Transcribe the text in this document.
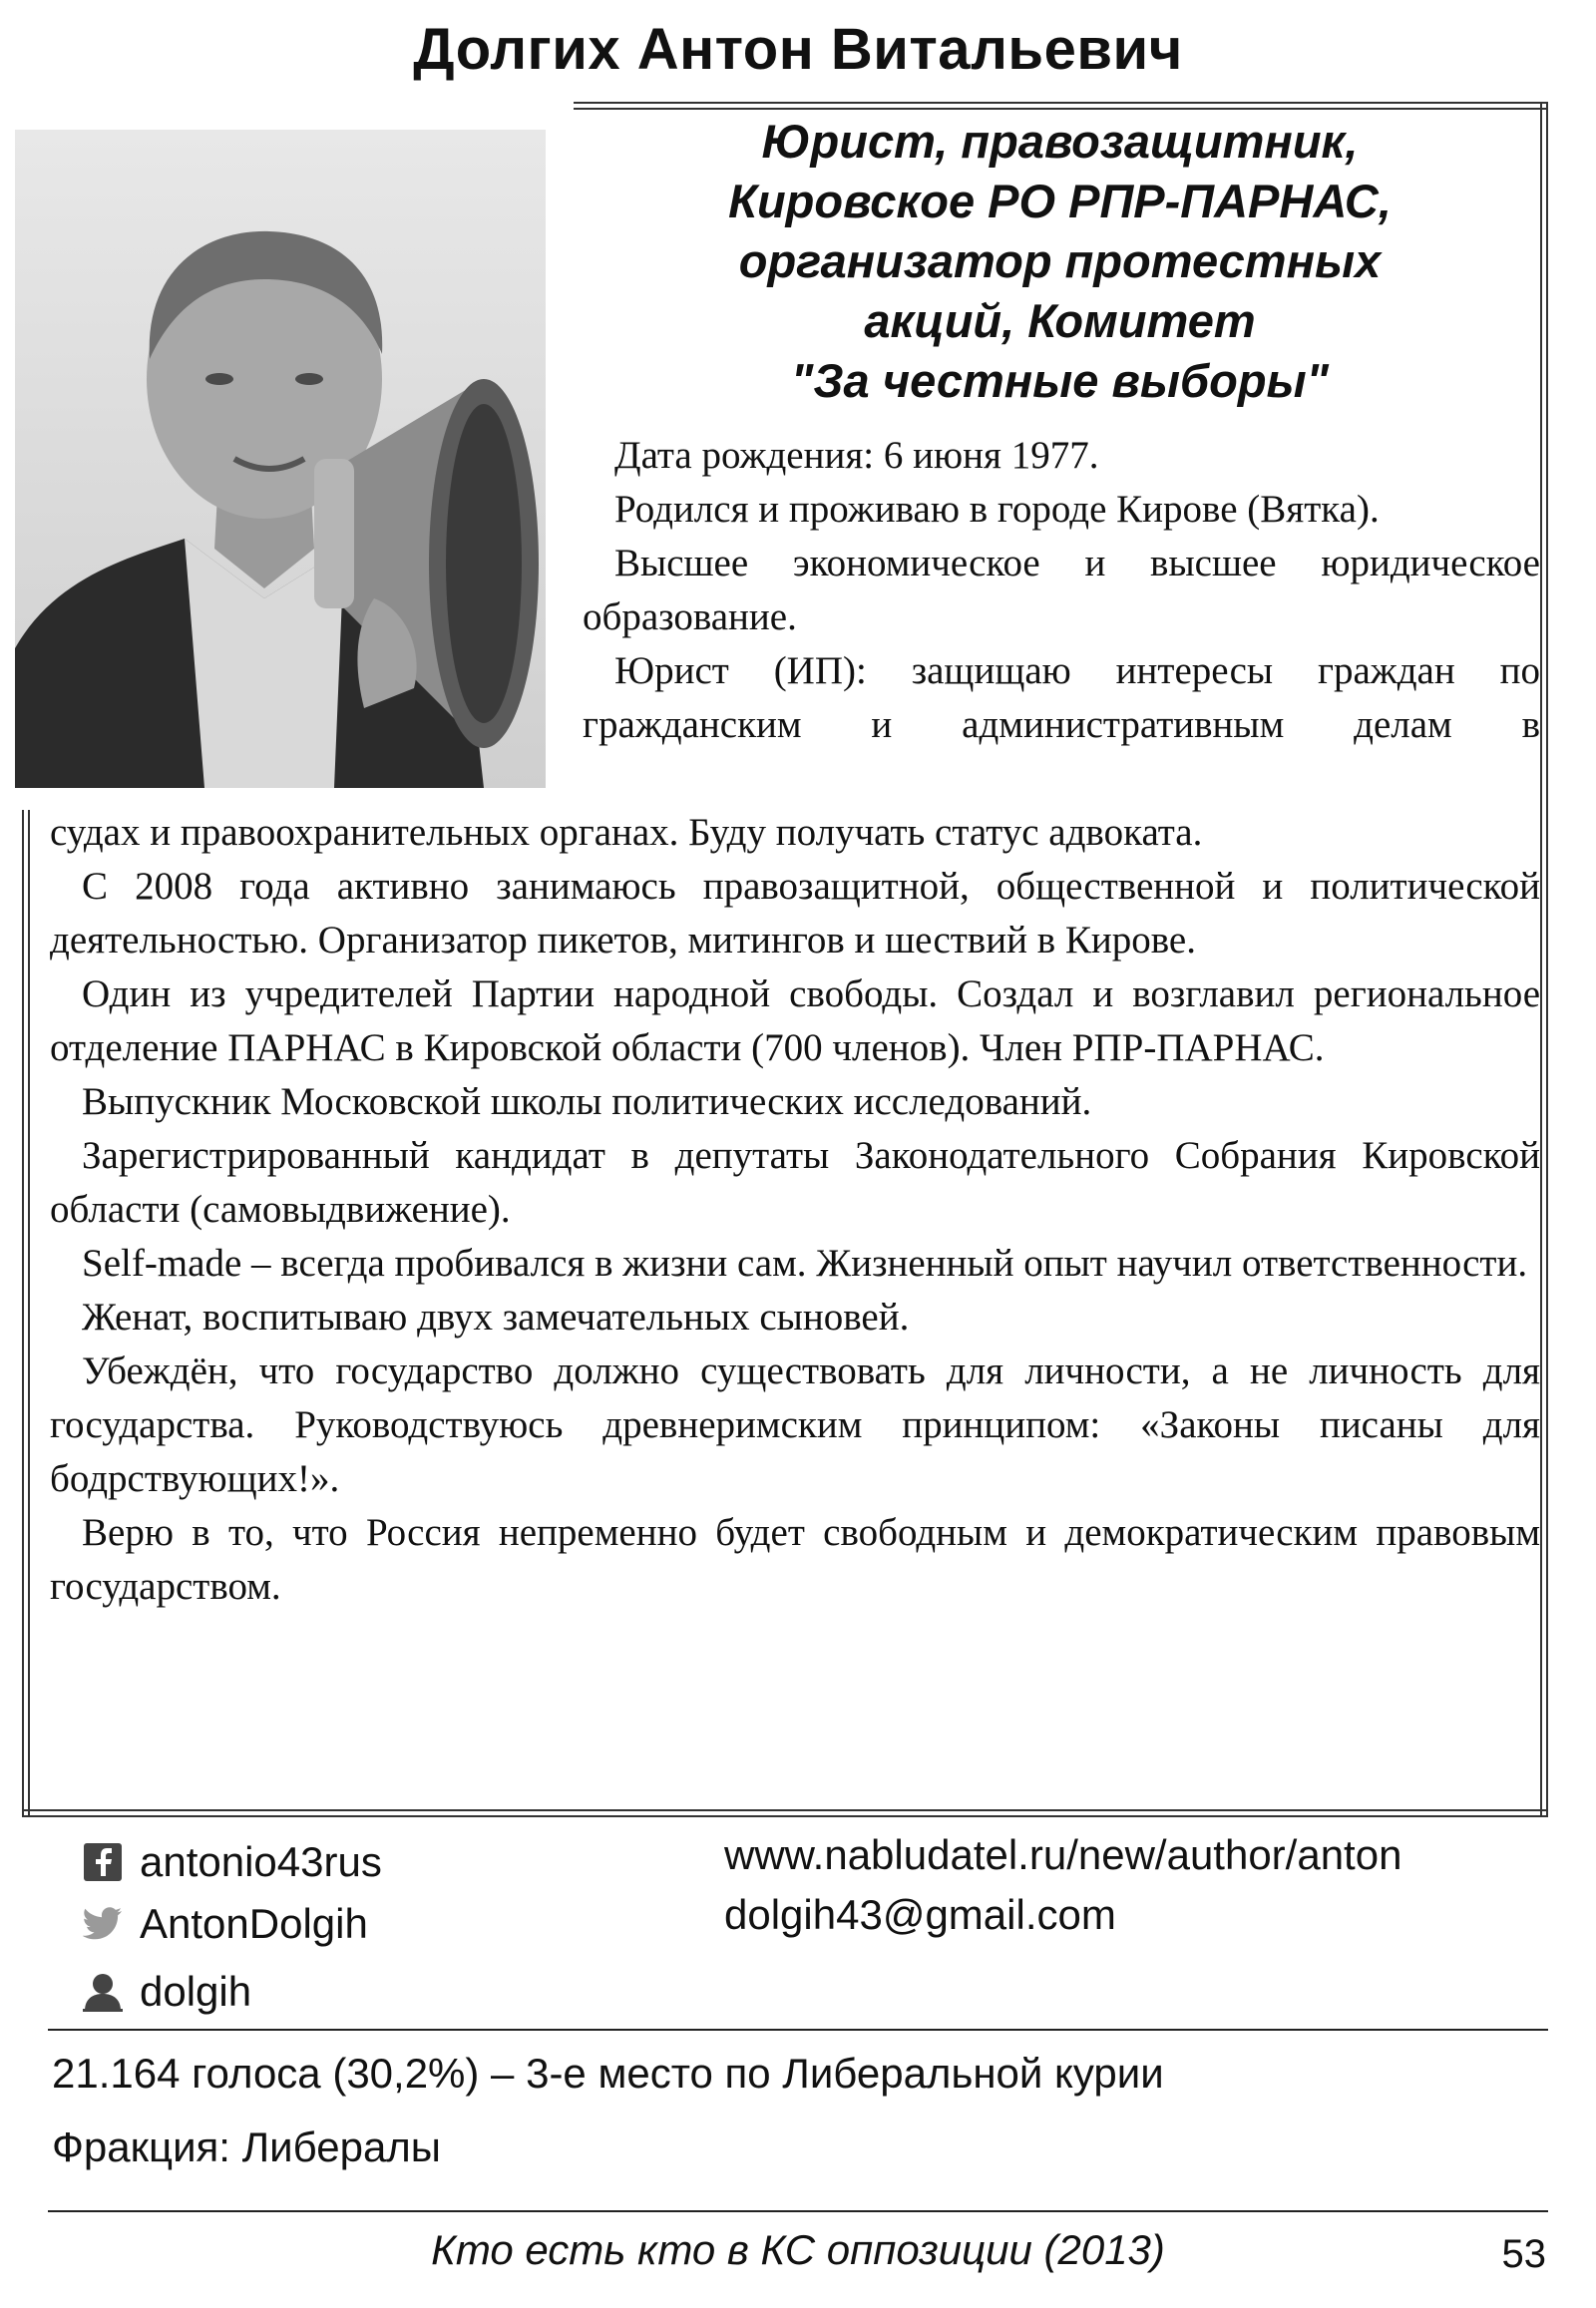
Долгих Антон Витальевич
Юрист, правозащитник,
Кировское РО РПР-ПАРНАС,
организатор протестных
акций, Комитет
"За честные выборы"

Дата рождения: 6 июня 1977.

Родился и проживаю в городе Кирове (Вятка).

Высшее экономическое и высшее юридическое образование.

Юрист (ИП): защищаю интересы граждан по гражданским и административным делам в

судах и правоохранительных органах. Буду получать статус адвоката.

С 2008 года активно занимаюсь правозащитной, общественной и политической деятельностью. Организатор пикетов, митингов и шествий в Кирове.

Один из учредителей Партии народной свободы. Создал и возглавил региональное отделение ПАРНАС в Кировской области (700 членов). Член РПР-ПАРНАС.

Выпускник Московской школы политических исследований.

Зарегистрированный кандидат в депутаты Законодательного Собрания Кировской области (самовыдвижение).

Self-made – всегда пробивался в жизни сам. Жизненный опыт научил ответственности.

Женат, воспитываю двух замечательных сыновей.

Убеждён, что государство должно существовать для личности, а не личность для государства. Руководствуюсь древнеримским принципом: «Законы писаны для бодрствующих!».

Верю в то, что Россия непременно будет свободным и демократическим правовым государством.

antonio43rus
AntonDolgih
dolgih
www.nabludatel.ru/new/author/anton
dolgih43@gmail.com
21.164 голоса (30,2%) – 3-е место по Либеральной курии
Фракция: Либералы
Кто есть кто в КС оппозиции (2013)	53
